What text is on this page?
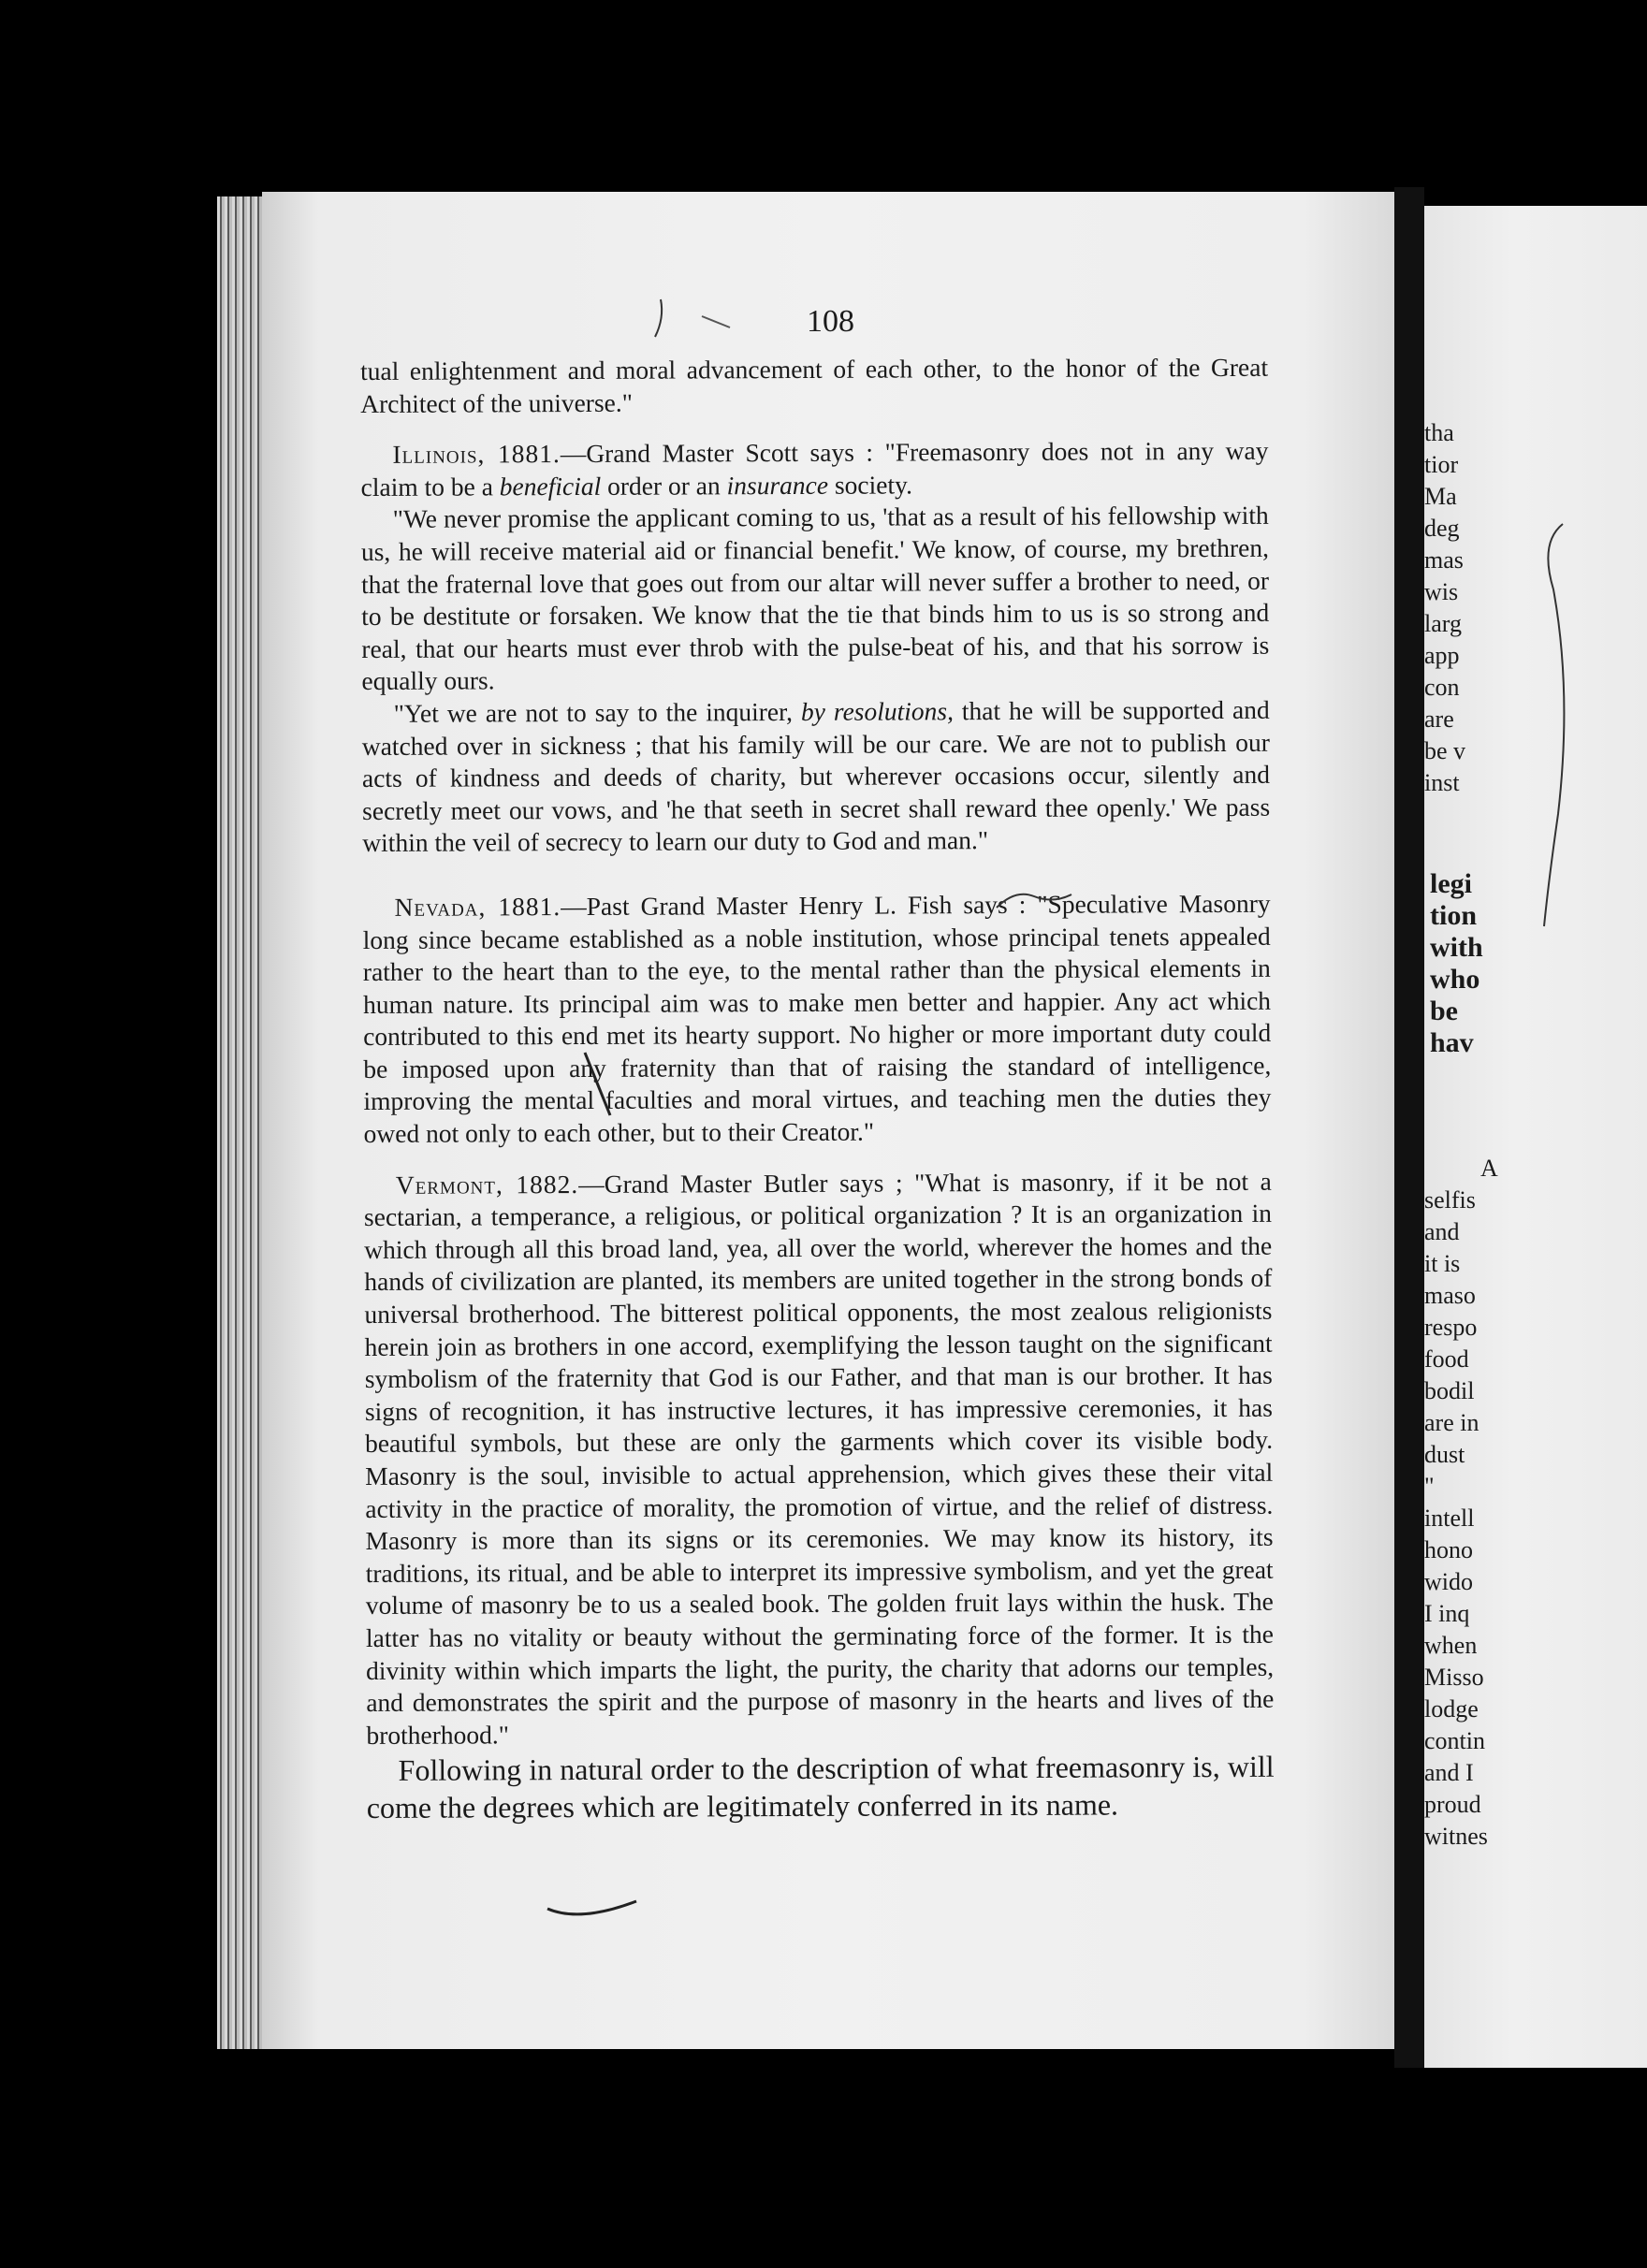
tha
tior
Ma
deg
mas
wis
larg
app
con
are
be v
inst
legi
tion
with
who
be
hav
A
selfis
and
it is
maso
respo
food
bodil
are in
dust
"
intell
hono
wido
I inq
when
Misso
lodge
contin
and I
proud
witnes
108

tual enlightenment and moral advancement of each other, to the honor of the Great Architect of the universe."

Illinois, 1881.—Grand Master Scott says : "Freemasonry does not in any way claim to be a beneficial order or an insurance society.

"We never promise the applicant coming to us, 'that as a result of his fellowship with us, he will receive material aid or financial benefit.' We know, of course, my brethren, that the fraternal love that goes out from our altar will never suffer a brother to need, or to be destitute or forsaken. We know that the tie that binds him to us is so strong and real, that our hearts must ever throb with the pulse-beat of his, and that his sorrow is equally ours.

"Yet we are not to say to the inquirer, by resolutions, that he will be supported and watched over in sickness ; that his family will be our care. We are not to publish our acts of kindness and deeds of charity, but wherever occasions occur, silently and secretly meet our vows, and 'he that seeth in secret shall reward thee openly.' We pass within the veil of secrecy to learn our duty to God and man."

Nevada, 1881.—Past Grand Master Henry L. Fish says : "Speculative Masonry long since became established as a noble institution, whose principal tenets appealed rather to the heart than to the eye, to the mental rather than the physical elements in human nature. Its principal aim was to make men better and happier. Any act which contributed to this end met its hearty support. No higher or more important duty could be imposed upon any fraternity than that of raising the standard of intelligence, improving the mental faculties and moral virtues, and teaching men the duties they owed not only to each other, but to their Creator."

Vermont, 1882.—Grand Master Butler says ; "What is masonry, if it be not a sectarian, a temperance, a religious, or political organization ? It is an organization in which through all this broad land, yea, all over the world, wherever the homes and the hands of civilization are planted, its members are united together in the strong bonds of universal brotherhood. The bitterest political opponents, the most zealous religionists herein join as brothers in one accord, exemplifying the lesson taught on the significant symbolism of the fraternity that God is our Father, and that man is our brother. It has signs of recognition, it has instructive lectures, it has impressive ceremonies, it has beautiful symbols, but these are only the garments which cover its visible body. Masonry is the soul, invisible to actual apprehension, which gives these their vital activity in the practice of morality, the promotion of virtue, and the relief of distress. Masonry is more than its signs or its ceremonies. We may know its history, its traditions, its ritual, and be able to interpret its impressive symbolism, and yet the great volume of masonry be to us a sealed book. The golden fruit lays within the husk. The latter has no vitality or beauty without the germinating force of the former. It is the divinity within which imparts the light, the purity, the charity that adorns our temples, and demonstrates the spirit and the purpose of masonry in the hearts and lives of the brotherhood."

Following in natural order to the description of what freemasonry is, will come the degrees which are legitimately conferred in its name.
